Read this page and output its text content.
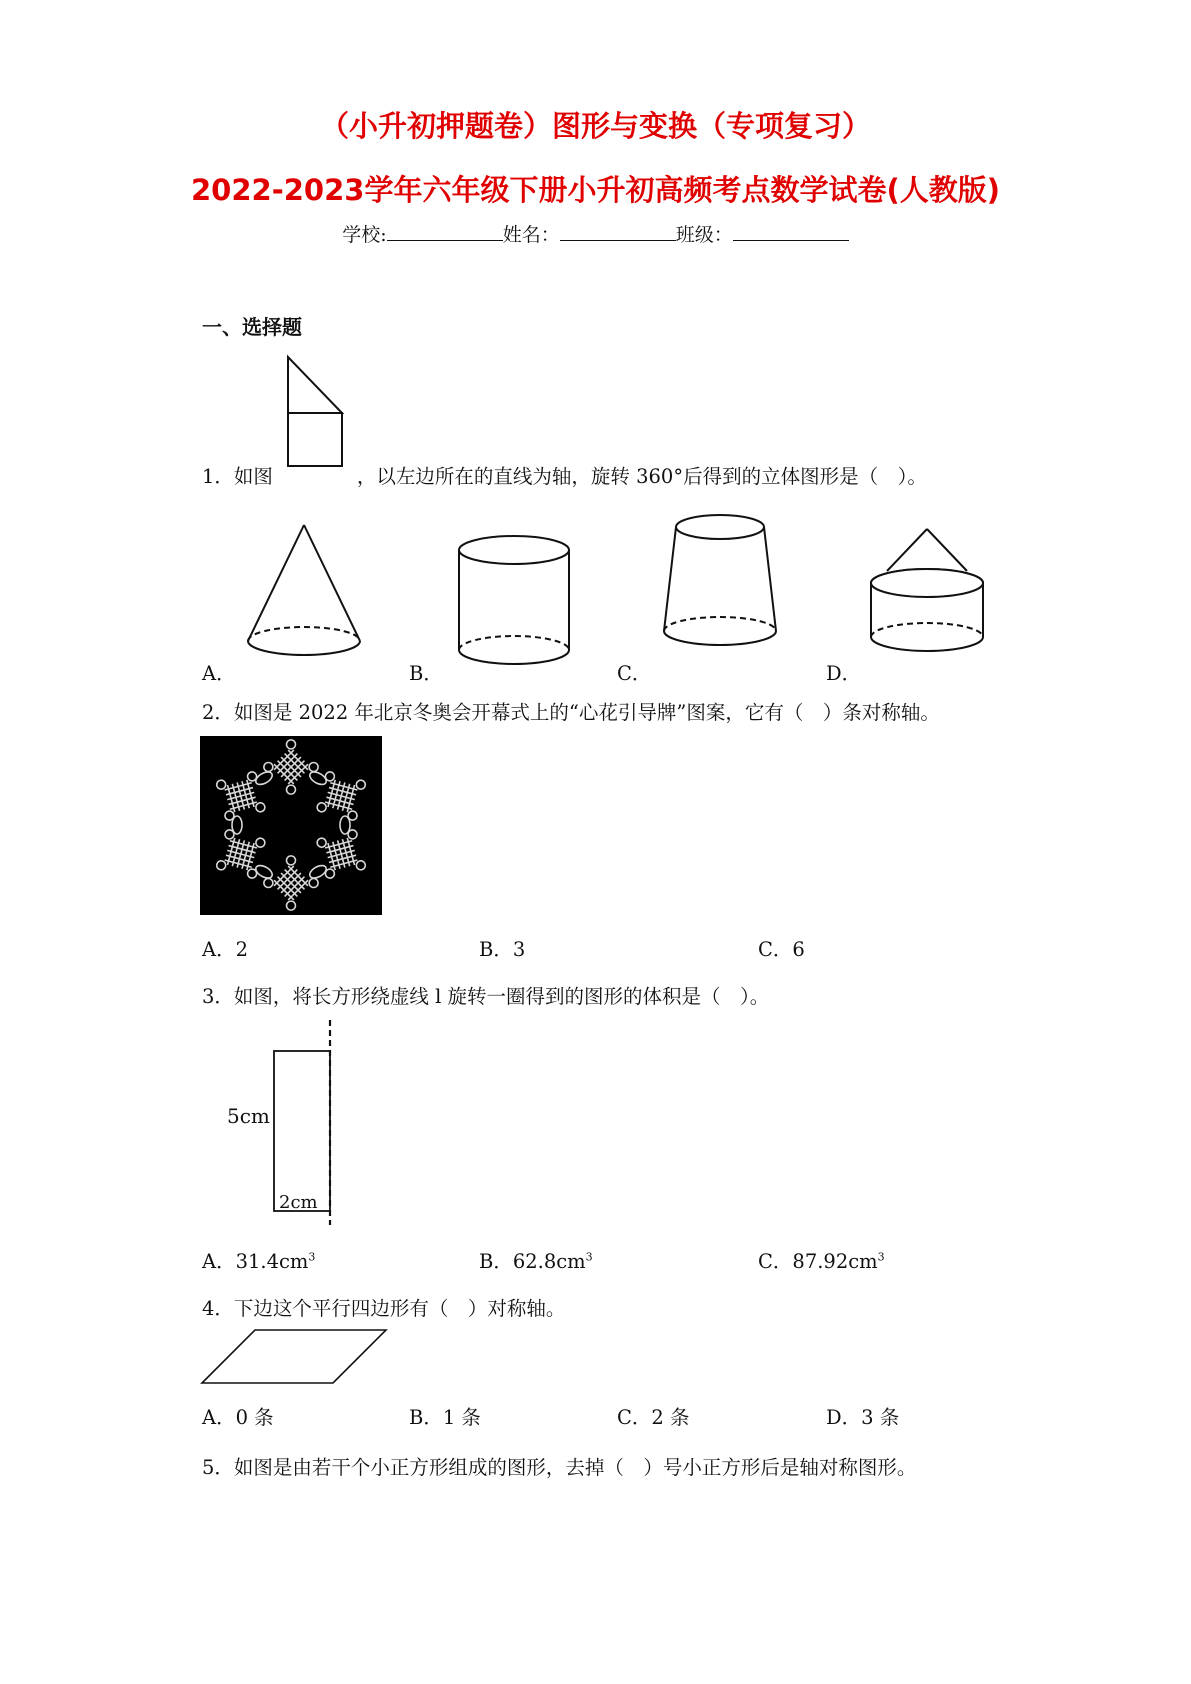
（小升初押题卷）图形与变换（专项复习）
2022-2023学年六年级下册小升初高频考点数学试卷(人教版)
学校:	姓名：	班级：
一、选择题
1．如图	，以左边所在的直线为轴，旋转 360°后得到的立体图形是（　）。
A．	B．	C．	D．
2．如图是 2022 年北京冬奥会开幕式上的“心花引导牌”图案，它有（　）条对称轴。
A．2	B．3	C．6
3．如图，将长方形绕虚线 l 旋转一圈得到的图形的体积是（　）。
5cm
2cm
A．$31.4cm^3$	B．$62.8cm^3$	C．$87.92cm^3$
4．下边这个平行四边形有（　）对称轴。
A．0 条	B．1 条	C．2 条	D．3 条
5．如图是由若干个小正方形组成的图形，去掉（　）号小正方形后是轴对称图形。
